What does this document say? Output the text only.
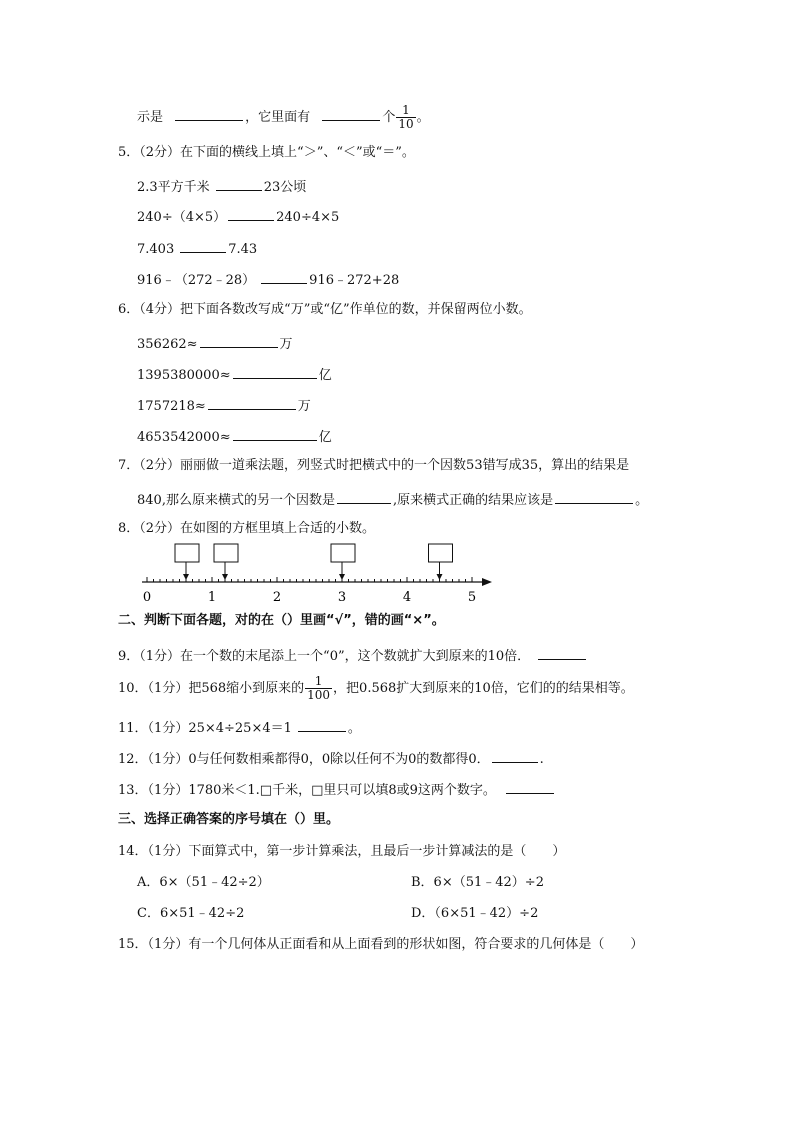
示是	，它里面有	个 $\frac{1}{10}$ 。
5．（2分）在下面的横线上填上“＞”、“＜”或“＝”。
2.3平方千米	23公顷
240÷（4×5）	240÷4×5
7.403	7.43
916﹣（272﹣28）	916﹣272+28
6．（4分）把下面各数改写成“万”或“亿”作单位的数，并保留两位小数。
356262≈	万
1395380000≈	亿
1757218≈	万
4653542000≈	亿
7．（2分）丽丽做一道乘法题，列竖式时把横式中的一个因数53错写成35，算出的结果是
840,那么原来横式的另一个因数是	,原来横式正确的结果应该是	。
8．（2分）在如图的方框里填上合适的小数。
0	1	2	3	4	5
二、判断下面各题，对的在（）里画“√”，错的画“×”。
9．（1分）在一个数的末尾添上一个“0”，这个数就扩大到原来的10倍．
10．（1分）把568缩小到原来的 $\frac{1}{100}$ ，把0.568扩大到原来的10倍，它们的的结果相等。
11．（1分）25×4÷25×4＝1	。
12．（1分）0与任何数相乘都得0，0除以任何不为0的数都得0．	.
13．（1分）1780米＜1.□千米，□里只可以填8或9这两个数字。
三、选择正确答案的序号填在（）里。
14．（1分）下面算式中，第一步计算乘法，且最后一步计算减法的是（　　）
A．6×（51﹣42÷2）	B．6×（51﹣42）÷2
C．6×51﹣42÷2	D．（6×51﹣42）÷2
15．（1分）有一个几何体从正面看和从上面看到的形状如图，符合要求的几何体是（　　）
